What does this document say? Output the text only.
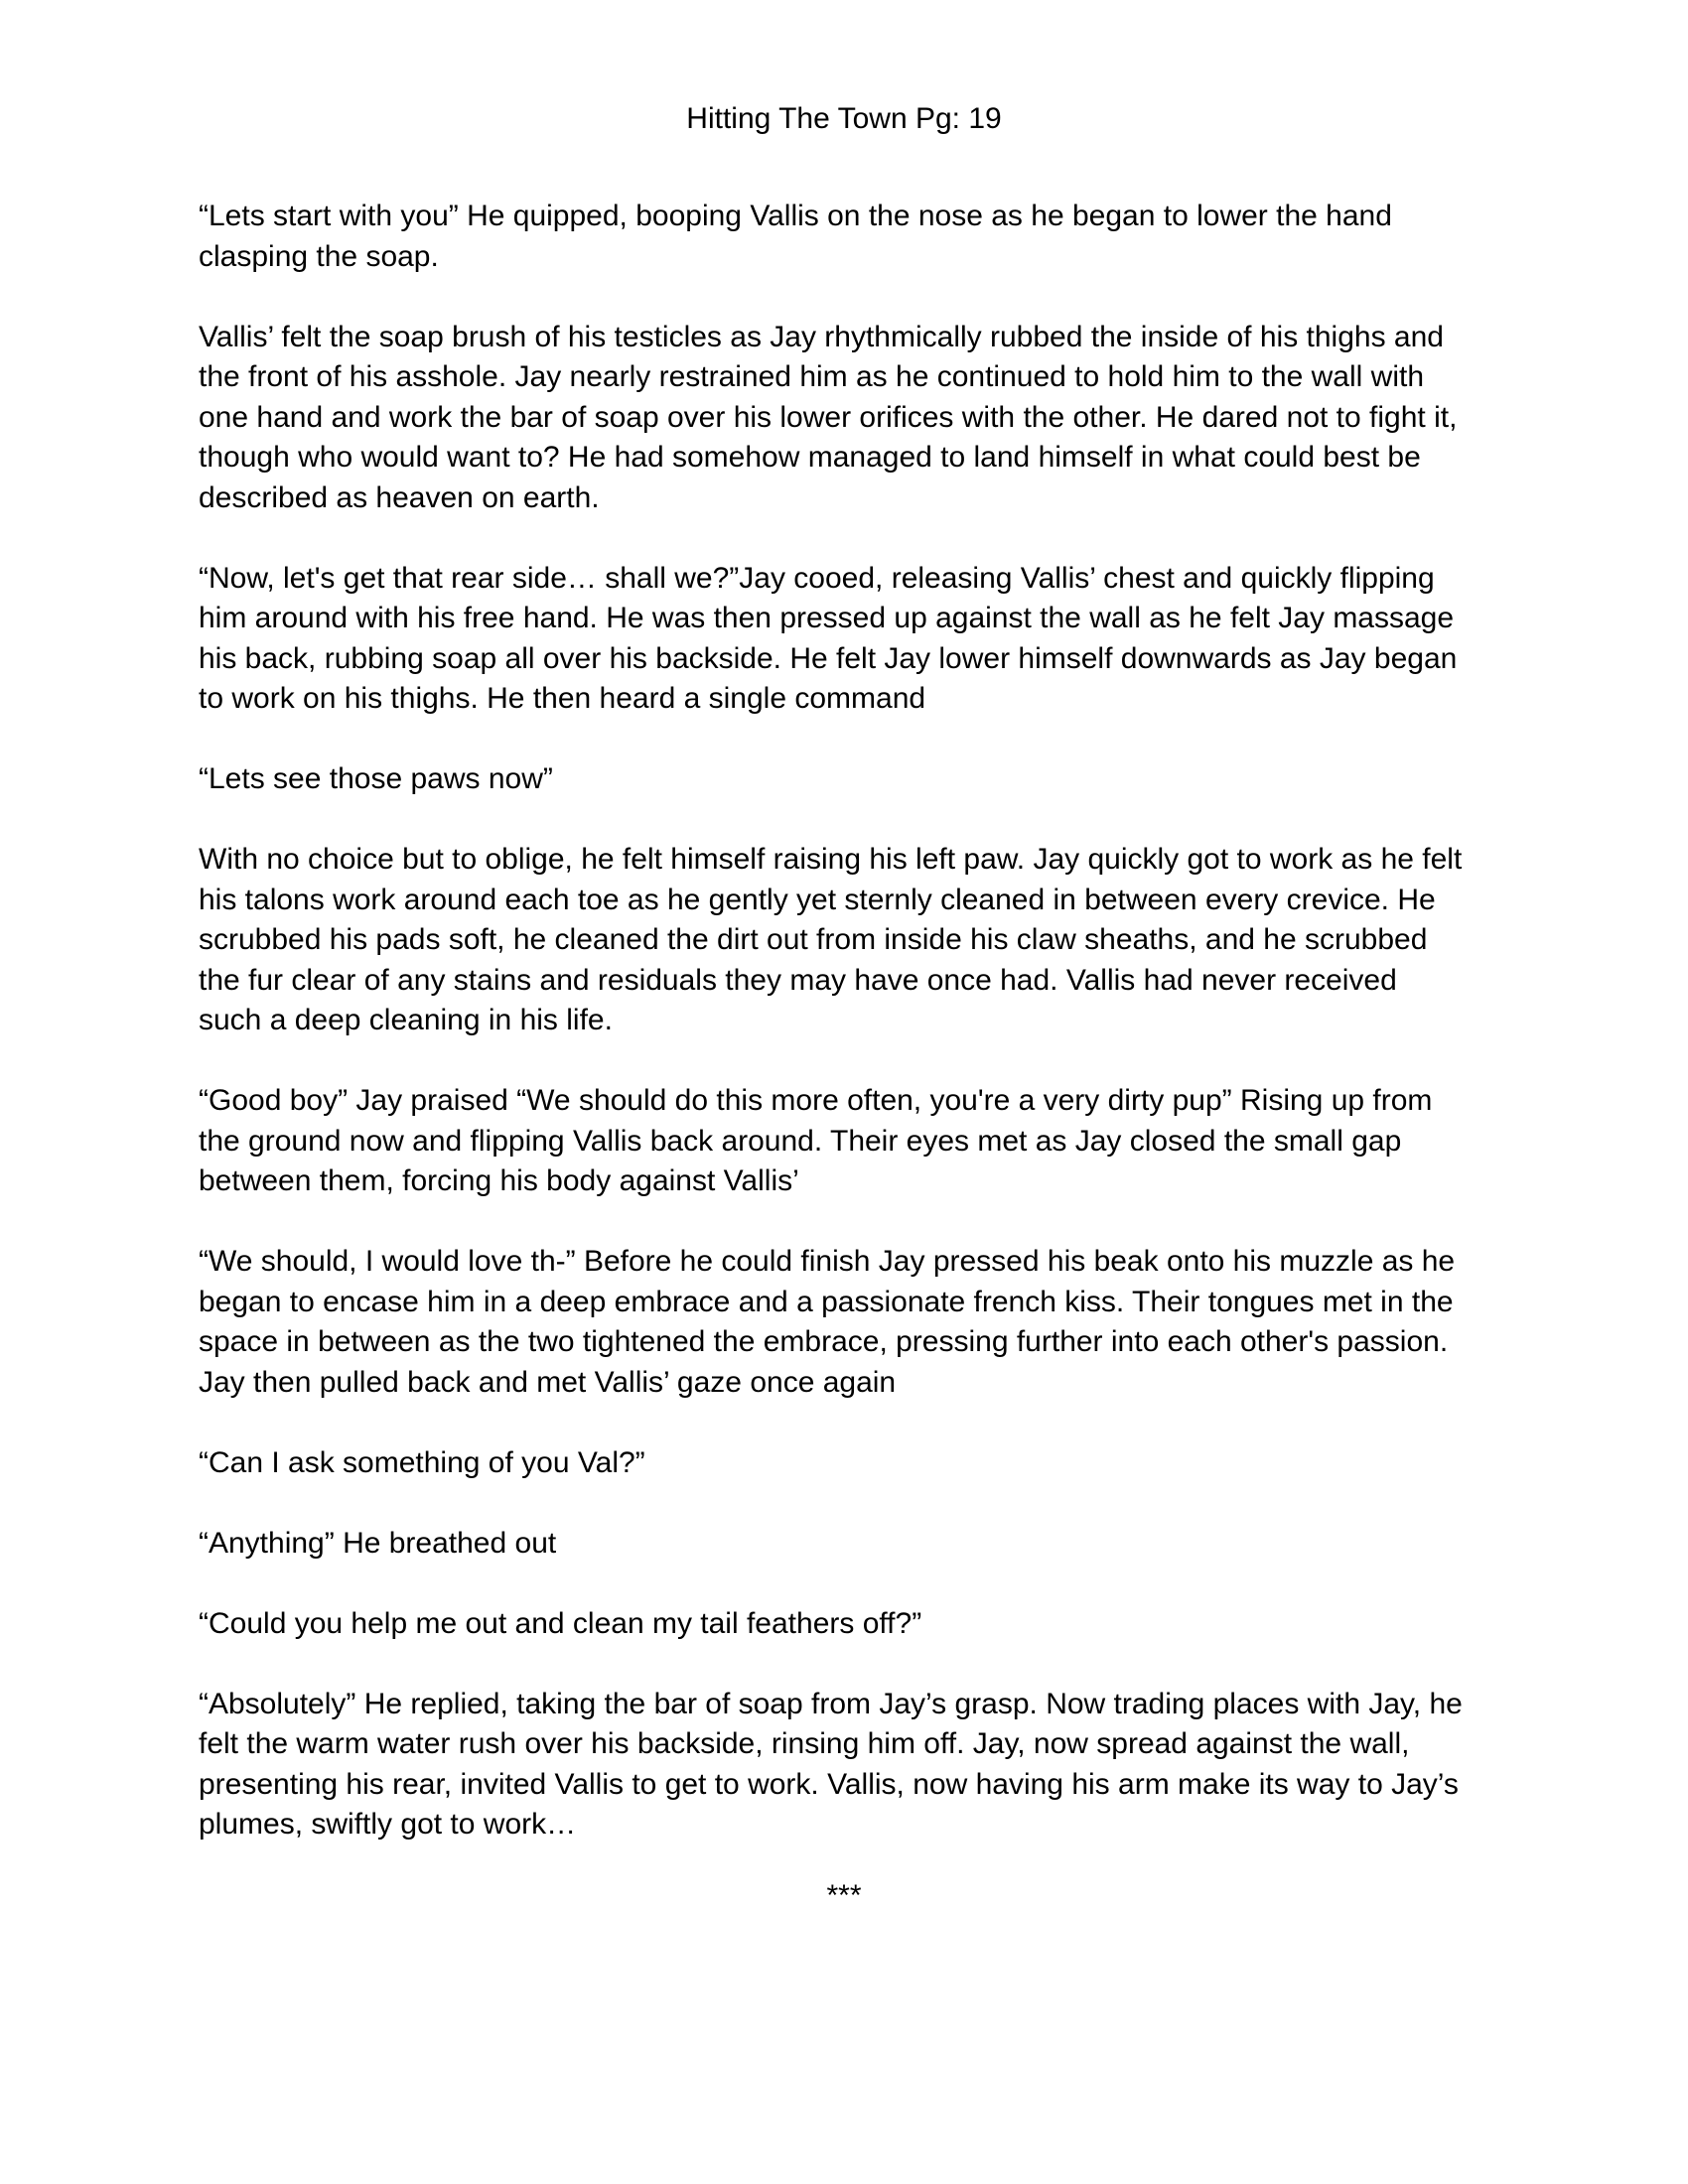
Hitting The Town Pg: 19

“Lets start with you” He quipped, booping Vallis on the nose as he began to lower the hand
clasping the soap.

Vallis’ felt the soap brush of his testicles as Jay rhythmically rubbed the inside of his thighs and
the front of his asshole. Jay nearly restrained him as he continued to hold him to the wall with
one hand and work the bar of soap over his lower orifices with the other. He dared not to fight it,
though who would want to? He had somehow managed to land himself in what could best be
described as heaven on earth.

“Now, let's get that rear side… shall we?”Jay cooed, releasing Vallis’ chest and quickly flipping
him around with his free hand. He was then pressed up against the wall as he felt Jay massage
his back, rubbing soap all over his backside. He felt Jay lower himself downwards as Jay began
to work on his thighs. He then heard a single command

“Lets see those paws now”

With no choice but to oblige, he felt himself raising his left paw. Jay quickly got to work as he felt
his talons work around each toe as he gently yet sternly cleaned in between every crevice. He
scrubbed his pads soft, he cleaned the dirt out from inside his claw sheaths, and he scrubbed
the fur clear of any stains and residuals they may have once had. Vallis had never received
such a deep cleaning in his life.

“Good boy” Jay praised “We should do this more often, you're a very dirty pup” Rising up from
the ground now and flipping Vallis back around. Their eyes met as Jay closed the small gap
between them, forcing his body against Vallis’

“We should, I would love th-” Before he could finish Jay pressed his beak onto his muzzle as he
began to encase him in a deep embrace and a passionate french kiss. Their tongues met in the
space in between as the two tightened the embrace, pressing further into each other's passion.
Jay then pulled back and met Vallis’ gaze once again

“Can I ask something of you Val?”

“Anything” He breathed out

“Could you help me out and clean my tail feathers off?”

“Absolutely” He replied, taking the bar of soap from Jay’s grasp. Now trading places with Jay, he
felt the warm water rush over his backside, rinsing him off. Jay, now spread against the wall,
presenting his rear, invited Vallis to get to work. Vallis, now having his arm make its way to Jay’s
plumes, swiftly got to work…

***
